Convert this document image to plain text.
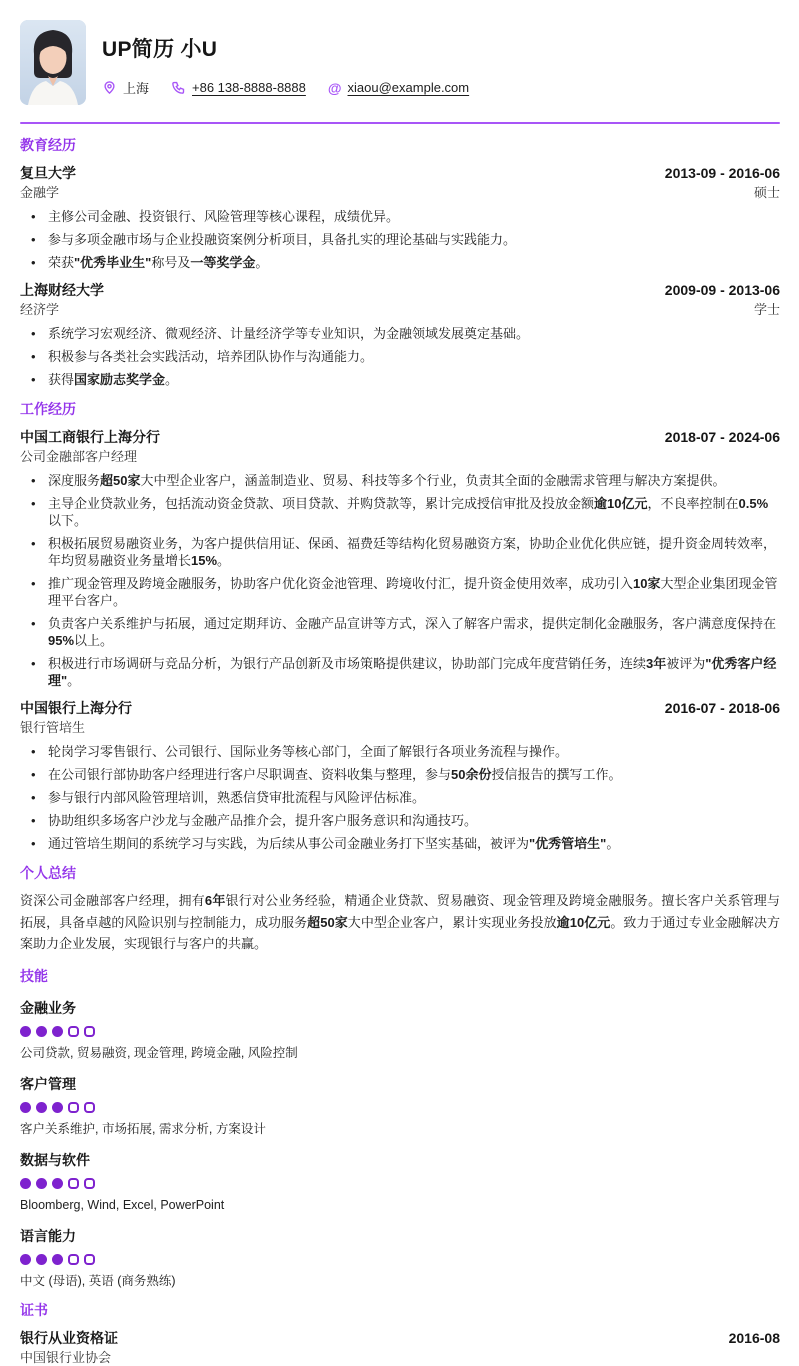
UP简历 小U
上海	+86 138-8888-8888 @ xiaou@example.com
教育经历
复旦大学	2013-09 - 2016-06
金融学	硕士
• 主修公司金融、投资银行、风险管理等核心课程，成绩优异。
• 参与多项金融市场与企业投融资案例分析项目，具备扎实的理论基础与实践能力。
• 荣获"优秀毕业生"称号及一等奖学金。
上海财经大学	2009-09 - 2013-06
经济学	学士
• 系统学习宏观经济、微观经济、计量经济学等专业知识，为金融领域发展奠定基础。
• 积极参与各类社会实践活动，培养团队协作与沟通能力。
• 获得国家励志奖学金。
工作经历
中国工商银行上海分行	2018-07 - 2024-06
公司金融部客户经理
• 深度服务超50家大中型企业客户，涵盖制造业、贸易、科技等多个行业，负责其全面的金融需求管理与解决方案提供。
• 主导企业贷款业务，包括流动资金贷款、项目贷款、并购贷款等，累计完成授信审批及投放金额逾10亿元，不良率控制在0.5%以下。
• 积极拓展贸易融资业务，为客户提供信用证、保函、福费廷等结构化贸易融资方案，协助企业优化供应链，提升资金周转效率，年均贸易融资业务量增长15%。
• 推广现金管理及跨境金融服务，协助客户优化资金池管理、跨境收付汇，提升资金使用效率，成功引入10家大型企业集团现金管理平台客户。
• 负责客户关系维护与拓展，通过定期拜访、金融产品宣讲等方式，深入了解客户需求，提供定制化金融服务，客户满意度保持在95%以上。
• 积极进行市场调研与竞品分析，为银行产品创新及市场策略提供建议，协助部门完成年度营销任务，连续3年被评为"优秀客户经理"。
中国银行上海分行	2016-07 - 2018-06
银行管培生
• 轮岗学习零售银行、公司银行、国际业务等核心部门，全面了解银行各项业务流程与操作。
• 在公司银行部协助客户经理进行客户尽职调查、资料收集与整理，参与50余份授信报告的撰写工作。
• 参与银行内部风险管理培训，熟悉信贷审批流程与风险评估标准。
• 协助组织多场客户沙龙与金融产品推介会，提升客户服务意识和沟通技巧。
• 通过管培生期间的系统学习与实践，为后续从事公司金融业务打下坚实基础，被评为"优秀管培生"。
个人总结

资深公司金融部客户经理，拥有6年银行对公业务经验，精通企业贷款、贸易融资、现金管理及跨境金融服务。擅长客户关系管理与拓展，具备卓越的风险识别与控制能力，成功服务超50家大中型企业客户，累计实现业务投放逾10亿元。致力于通过专业金融解决方案助力企业发展，实现银行与客户的共赢。

技能
金融业务
公司贷款, 贸易融资, 现金管理, 跨境金融, 风险控制
客户管理
客户关系维护, 市场拓展, 需求分析, 方案设计
数据与软件
Bloomberg, Wind, Excel, PowerPoint
语言能力
中文 (母语), 英语 (商务熟练)
证书
银行从业资格证	2016-08
中国银行业协会
